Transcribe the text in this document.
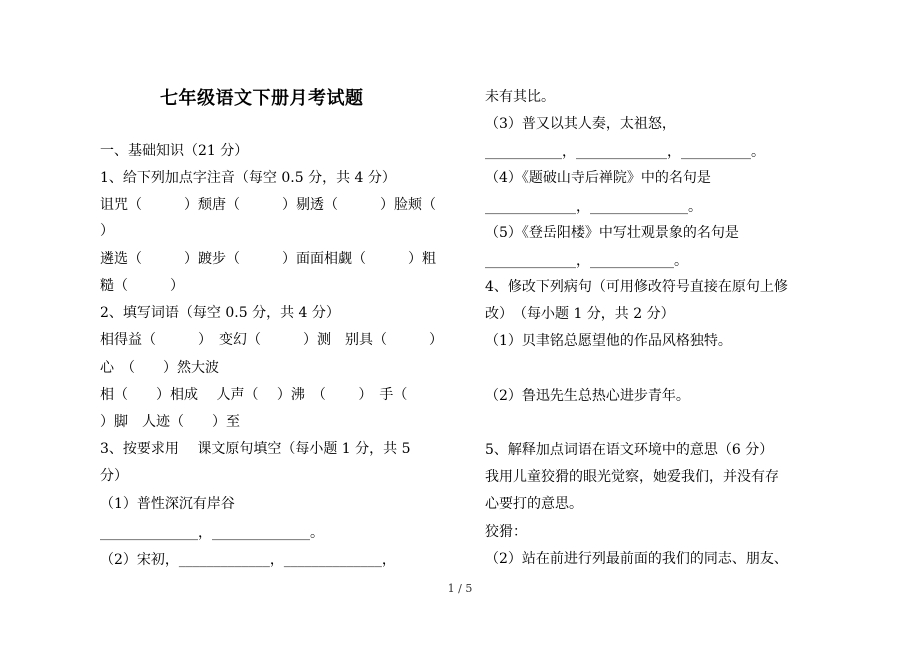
七年级语文下册月考试题
一、基础知识（21 分）
1、给下列加点字注音（每空 0.5 分，共 4 分）
诅咒（　　　）颓唐（　　　）剔透（　　　）脸颊（
）
遴选（　　　）踱步（　　　）面面相觑（　　　）粗
糙（　　　）
2、填写词语（每空 0.5 分，共 4 分）
相得益（　　　）　变幻（　　　）测　别具（　　　）
心　（　　）然大波
相（　　）相成　 人声（　 ）沸　（　　 ）　手（
）脚　人迹（　　）至
3、按要求用　 课文原句填空（每小题 1 分，共 5
分）
（1）普性深沉有岸谷
______________，______________。
（2）宋初，_____________，______________，
未有其比。
（3）普又以其人奏，太祖怒，
___________，_____________，__________。
（4）《题破山寺后禅院》中的名句是
_____________，______________。
（5）《登岳阳楼》中写壮观景象的名句是
_____________，____________。
4、修改下列病句（可用修改符号直接在原句上修
改）　（每小题 1 分，共 2 分）
（1）贝聿铭总愿望他的作品风格独特。
（2）鲁迅先生总热心进步青年。
5、解释加点词语在语文环境中的意思（6 分）
我用儿童狡猾的眼光觉察，她爱我们，并没有存
心要打的意思。
狡猾：
（2）站在前进行列最前面的我们的同志、朋友、
1 / 5
